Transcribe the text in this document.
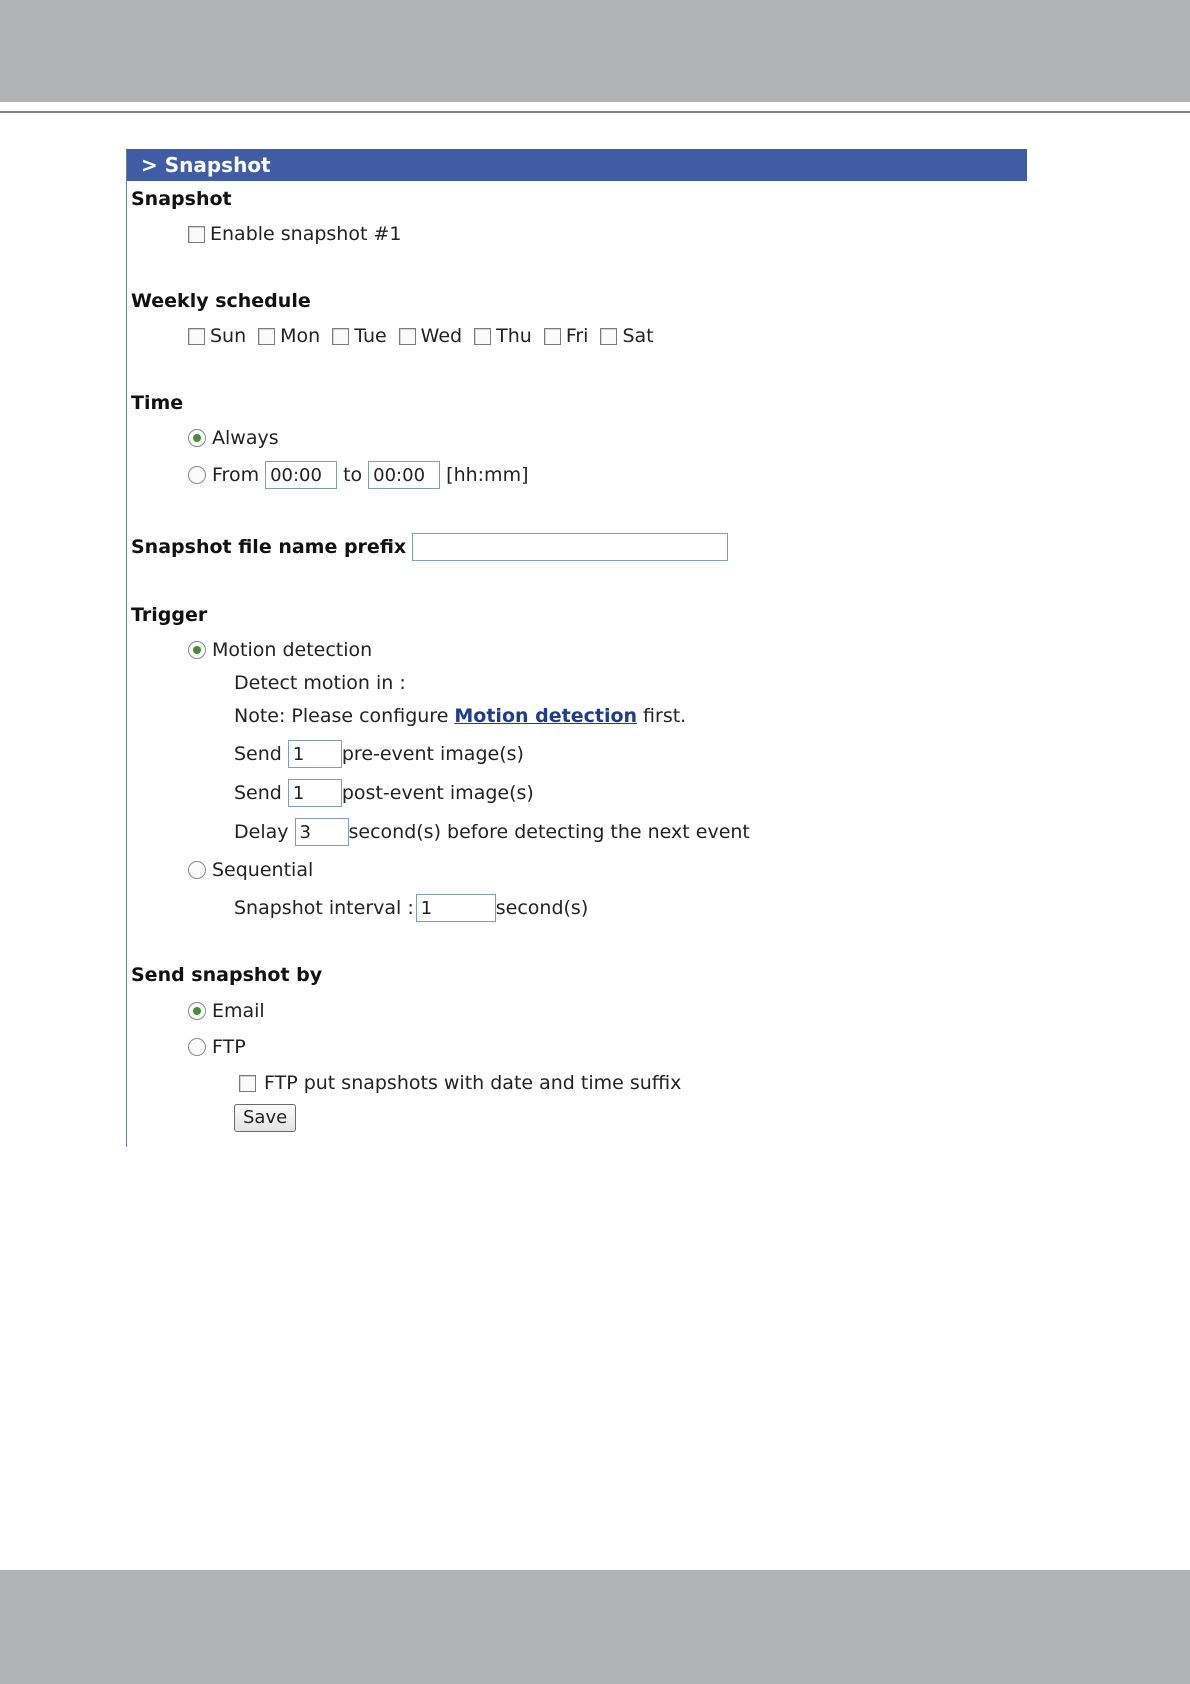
> Snapshot
Snapshot
Enable snapshot #1
Weekly schedule
Sun Mon Tue Wed Thu Fri Sat
Time
Always
From
00:00	to
00:00	[hh:mm]
Snapshot file name prefix
Trigger
Motion detection
Detect motion in :
Note: Please configure Motion detection first.
Send
1	pre-event image(s)
Send
1	post-event image(s)
Delay
3	second(s) before detecting the next event
Sequential
Snapshot interval :
1	second(s)
Send snapshot by
Email
FTP
FTP put snapshots with date and time suffix
Save
